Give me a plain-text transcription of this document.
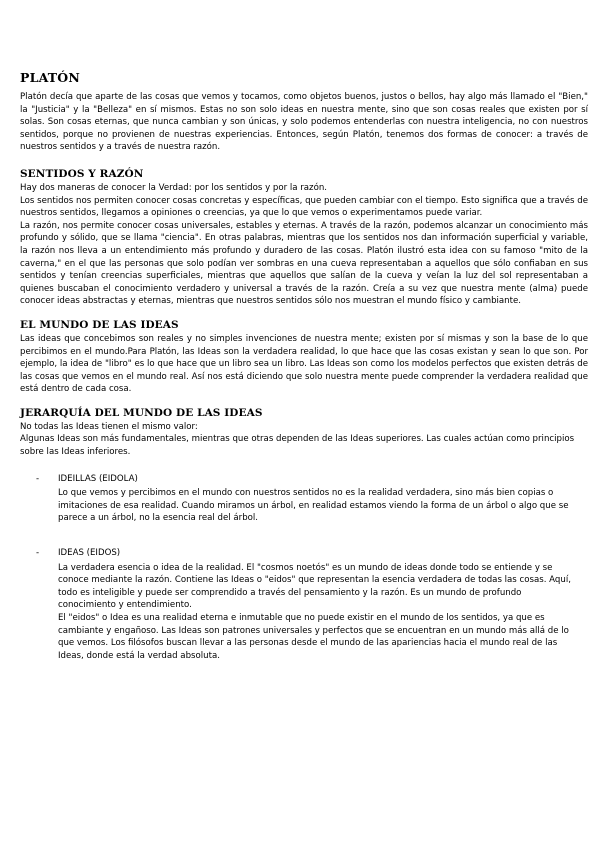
PLATÓN

Platón decía que aparte de las cosas que vemos y tocamos, como objetos buenos, justos o bellos, hay algo más llamado el "Bien," la "Justicia" y la "Belleza" en sí mismos. Estas no son solo ideas en nuestra mente, sino que son cosas reales que existen por sí solas. Son cosas eternas, que nunca cambian y son únicas, y solo podemos entenderlas con nuestra inteligencia, no con nuestros sentidos, porque no provienen de nuestras experiencias. Entonces, según Platón, tenemos dos formas de conocer: a través de nuestros sentidos y a través de nuestra razón.

SENTIDOS Y RAZÓN

Hay dos maneras de conocer la Verdad: por los sentidos y por la razón.

Los sentidos nos permiten conocer cosas concretas y específicas, que pueden cambiar con el tiempo. Esto significa que a través de nuestros sentidos, llegamos a opiniones o creencias, ya que lo que vemos o experimentamos puede variar.

La razón, nos permite conocer cosas universales, estables y eternas. A través de la razón, podemos alcanzar un conocimiento más profundo y sólido, que se llama "ciencia". En otras palabras, mientras que los sentidos nos dan información superficial y variable, la razón nos lleva a un entendimiento más profundo y duradero de las cosas. Platón ilustró esta idea con su famoso "mito de la caverna," en el que las personas que solo podían ver sombras en una cueva representaban a aquellos que sólo confiaban en sus sentidos y tenían creencias superficiales, mientras que aquellos que salían de la cueva y veían la luz del sol representaban a quienes buscaban el conocimiento verdadero y universal a través de la razón. Creía a su vez que nuestra mente (alma) puede conocer ideas abstractas y eternas, mientras que nuestros sentidos sólo nos muestran el mundo físico y cambiante.

EL MUNDO DE LAS IDEAS

Las ideas que concebimos son reales y no simples invenciones de nuestra mente; existen por sí mismas y son la base de lo que percibimos en el mundo.Para Platón, las Ideas son la verdadera realidad, lo que hace que las cosas existan y sean lo que son. Por ejemplo, la idea de "libro" es lo que hace que un libro sea un libro. Las Ideas son como los modelos perfectos que existen detrás de las cosas que vemos en el mundo real. Así nos está diciendo que solo nuestra mente puede comprender la verdadera realidad que está dentro de cada cosa.

JERARQUÍA DEL MUNDO DE LAS IDEAS

No todas las Ideas tienen el mismo valor:

Algunas Ideas son más fundamentales, mientras que otras dependen de las Ideas superiores. Las cuales actúan como principios sobre las Ideas inferiores.

-	IDEILLAS (EIDOLA)

Lo que vemos y percibimos en el mundo con nuestros sentidos no es la realidad verdadera, sino más bien copias o imitaciones de esa realidad. Cuando miramos un árbol, en realidad estamos viendo la forma de un árbol o algo que se parece a un árbol, no la esencia real del árbol.

-	IDEAS (EIDOS)

La verdadera esencia o idea de la realidad. El "cosmos noetós" es un mundo de ideas donde todo se entiende y se conoce mediante la razón. Contiene las Ideas o "eidos" que representan la esencia verdadera de todas las cosas. Aquí, todo es inteligible y puede ser comprendido a través del pensamiento y la razón. Es un mundo de profundo conocimiento y entendimiento.

El "eidos" o Idea es una realidad eterna e inmutable que no puede existir en el mundo de los sentidos, ya que es cambiante y engañoso. Las Ideas son patrones universales y perfectos que se encuentran en un mundo más allá de lo que vemos. Los filósofos buscan llevar a las personas desde el mundo de las apariencias hacia el mundo real de las Ideas, donde está la verdad absoluta.
